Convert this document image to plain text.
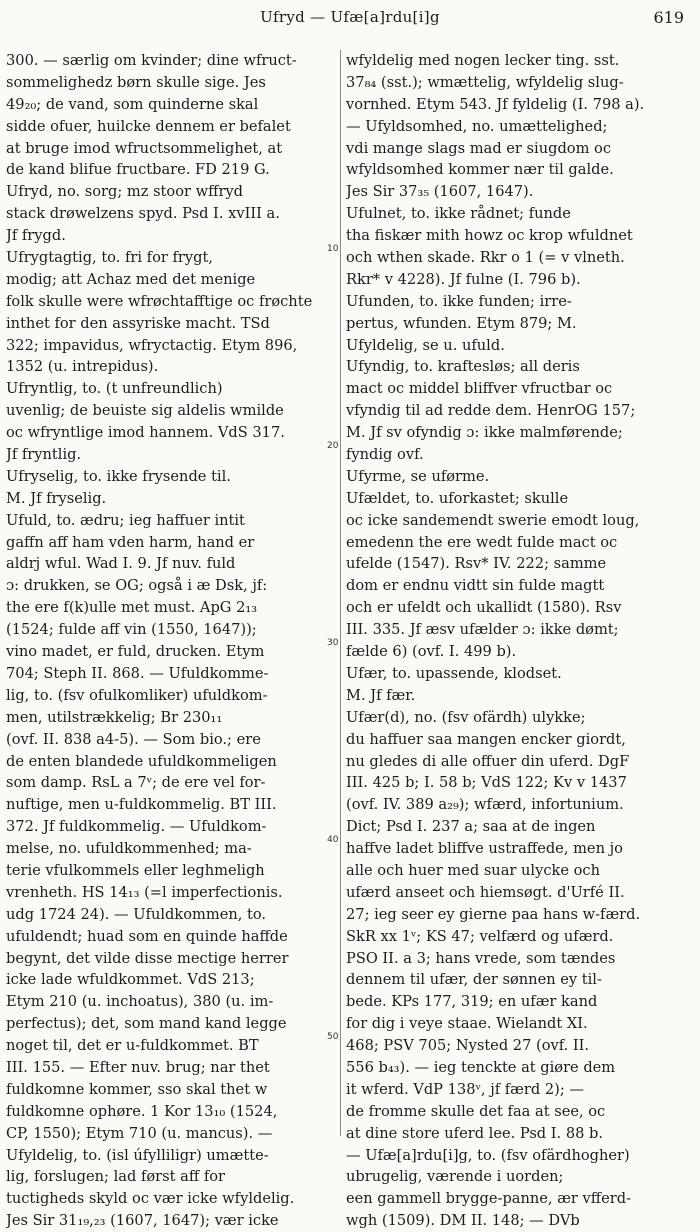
Ufryd — Ufæ[a]rdu[i]g	619
300. — særlig om kvinder; dine wfruct-
sommelighedz børn skulle sige. Jes
49₂₀; de vand, som quinderne skal
sidde ofuer, huilcke dennem er befalet
at bruge imod wfructsommelighet, at
de kand blifue fructbare. FD 219 G.
Ufryd, no. sorg; mz stoor wffryd
stack drøwelzens spyd. Psd I. xvIII a.
Jf frygd.
Ufrygtagtig, to. fri for frygt,
modig; att Achaz med det menige
folk skulle were wfrøchtafftige oc frøchte
inthet for den assyriske macht. TSd
322; impavidus, wfryctactig. Etym 896,
1352 (u. intrepidus).
Ufryntlig, to. (t unfreundlich)
uvenlig; de beuiste sig aldelis wmilde
oc wfryntlige imod hannem. VdS 317.
Jf fryntlig.
Ufryselig, to. ikke frysende til.
M. Jf fryselig.
Ufuld, to. ædru; ieg haffuer intit
gaffn aff ham vden harm, hand er
aldrj wful. Wad I. 9. Jf nuv. fuld
ɔ: drukken, se OG; også i æ Dsk, jf:
the ere f(k)ulle met must. ApG 2₁₃
(1524; fulde aff vin (1550, 1647));
vino madet, er fuld, drucken. Etym
704; Steph II. 868. — Ufuldkomme-
lig, to. (fsv ofulkomliker) ufuldkom-
men, utilstrækkelig; Br 230₁₁
(ovf. II. 838 a4-5). — Som bio.; ere
de enten blandede ufuldkommeligen
som damp. RsL a 7ᵛ; de ere vel for-
nuftige, men u-fuldkommelig. BT III.
372. Jf fuldkommelig. — Ufuldkom-
melse, no. ufuldkommenhed; ma-
terie vfulkommels eller leghmeligh
vrenheth. HS 14₁₃ (=l imperfectionis.
udg 1724 24). — Ufuldkommen, to.
ufuldendt; huad som en quinde haffde
begynt, det vilde disse mectige herrer
icke lade wfuldkommet. VdS 213;
Etym 210 (u. inchoatus), 380 (u. im-
perfectus); det, som mand kand legge
noget til, det er u-fuldkommet. BT
III. 155. — Efter nuv. brug; nar thet
fuldkomne kommer, sso skal thet w
fuldkomne ophøre. 1 Kor 13₁₀ (1524,
CP, 1550); Etym 710 (u. mancus). —
Ufyldelig, to. (isl úfylliligr) umætte-
lig, forslugen; lad først aff for
tuctigheds skyld oc vær icke wfyldelig.
Jes Sir 31₁₉,₂₃ (1607, 1647); vær icke
wfyldelig med nogen lecker ting. sst.
37₈₄ (sst.); wmættelig, wfyldelig slug-
vornhed. Etym 543. Jf fyldelig (I. 798 a).
— Ufyldsomhed, no. umættelighed;
vdi mange slags mad er siugdom oc
wfyldsomhed kommer nær til galde.
Jes Sir 37₃₅ (1607, 1647).
Ufulnet, to. ikke rådnet; funde
tha fiskær mith howz oc krop wfuldnet
och wthen skade. Rkr o 1 (= v vlneth.
Rkr* v 4228). Jf fulne (I. 796 b).
Ufunden, to. ikke funden; irre-
pertus, wfunden. Etym 879; M.
Ufyldelig, se u. ufuld.
Ufyndig, to. kraftesløs; all deris
mact oc middel bliffver vfructbar oc
vfyndig til ad redde dem. HenrOG 157;
M. Jf sv ofyndig ɔ: ikke malmførende;
fyndig ovf.
Ufyrme, se uførme.
Ufældet, to. uforkastet; skulle
oc icke sandemendt swerie emodt loug,
emedenn the ere wedt fulde mact oc
ufelde (1547). Rsv* IV. 222; samme
dom er endnu vidtt sin fulde magtt
och er ufeldt och ukallidt (1580). Rsv
III. 335. Jf æsv ufælder ɔ: ikke dømt;
fælde 6) (ovf. I. 499 b).
Ufær, to. upassende, klodset.
M. Jf fær.
Ufær(d), no. (fsv ofärdh) ulykke;
du haffuer saa mangen encker giordt,
nu gledes di alle offuer din uferd. DgF
III. 425 b; I. 58 b; VdS 122; Kv v 1437
(ovf. IV. 389 a₂₉); wfærd, infortunium.
Dict; Psd I. 237 a; saa at de ingen
haffve ladet bliffve ustraffede, men jo
alle och huer med suar ulycke och
ufærd anseet och hiemsøgt. d'Urfé II.
27; ieg seer ey gierne paa hans w-færd.
SkR xx 1ᵛ; KS 47; velfærd og ufærd.
PSO II. a 3; hans vrede, som tændes
dennem til ufær, der sønnen ey til-
bede. KPs 177, 319; en ufær kand
for dig i veye staae. Wielandt XI.
468; PSV 705; Nysted 27 (ovf. II.
556 b₄₃). — ieg tenckte at giøre dem
it wferd. VdP 138ᵛ, jf færd 2); —
de fromme skulle det faa at see, oc
at dine store uferd lee. Psd I. 88 b.
— Ufæ[a]rdu[i]g, to. (fsv ofärdhogher)
ubrugelig, værende i uorden;
een gammell brygge-panne, ær vfferd-
wgh (1509). DM II. 148; — DVb
10
20
30
40
50
